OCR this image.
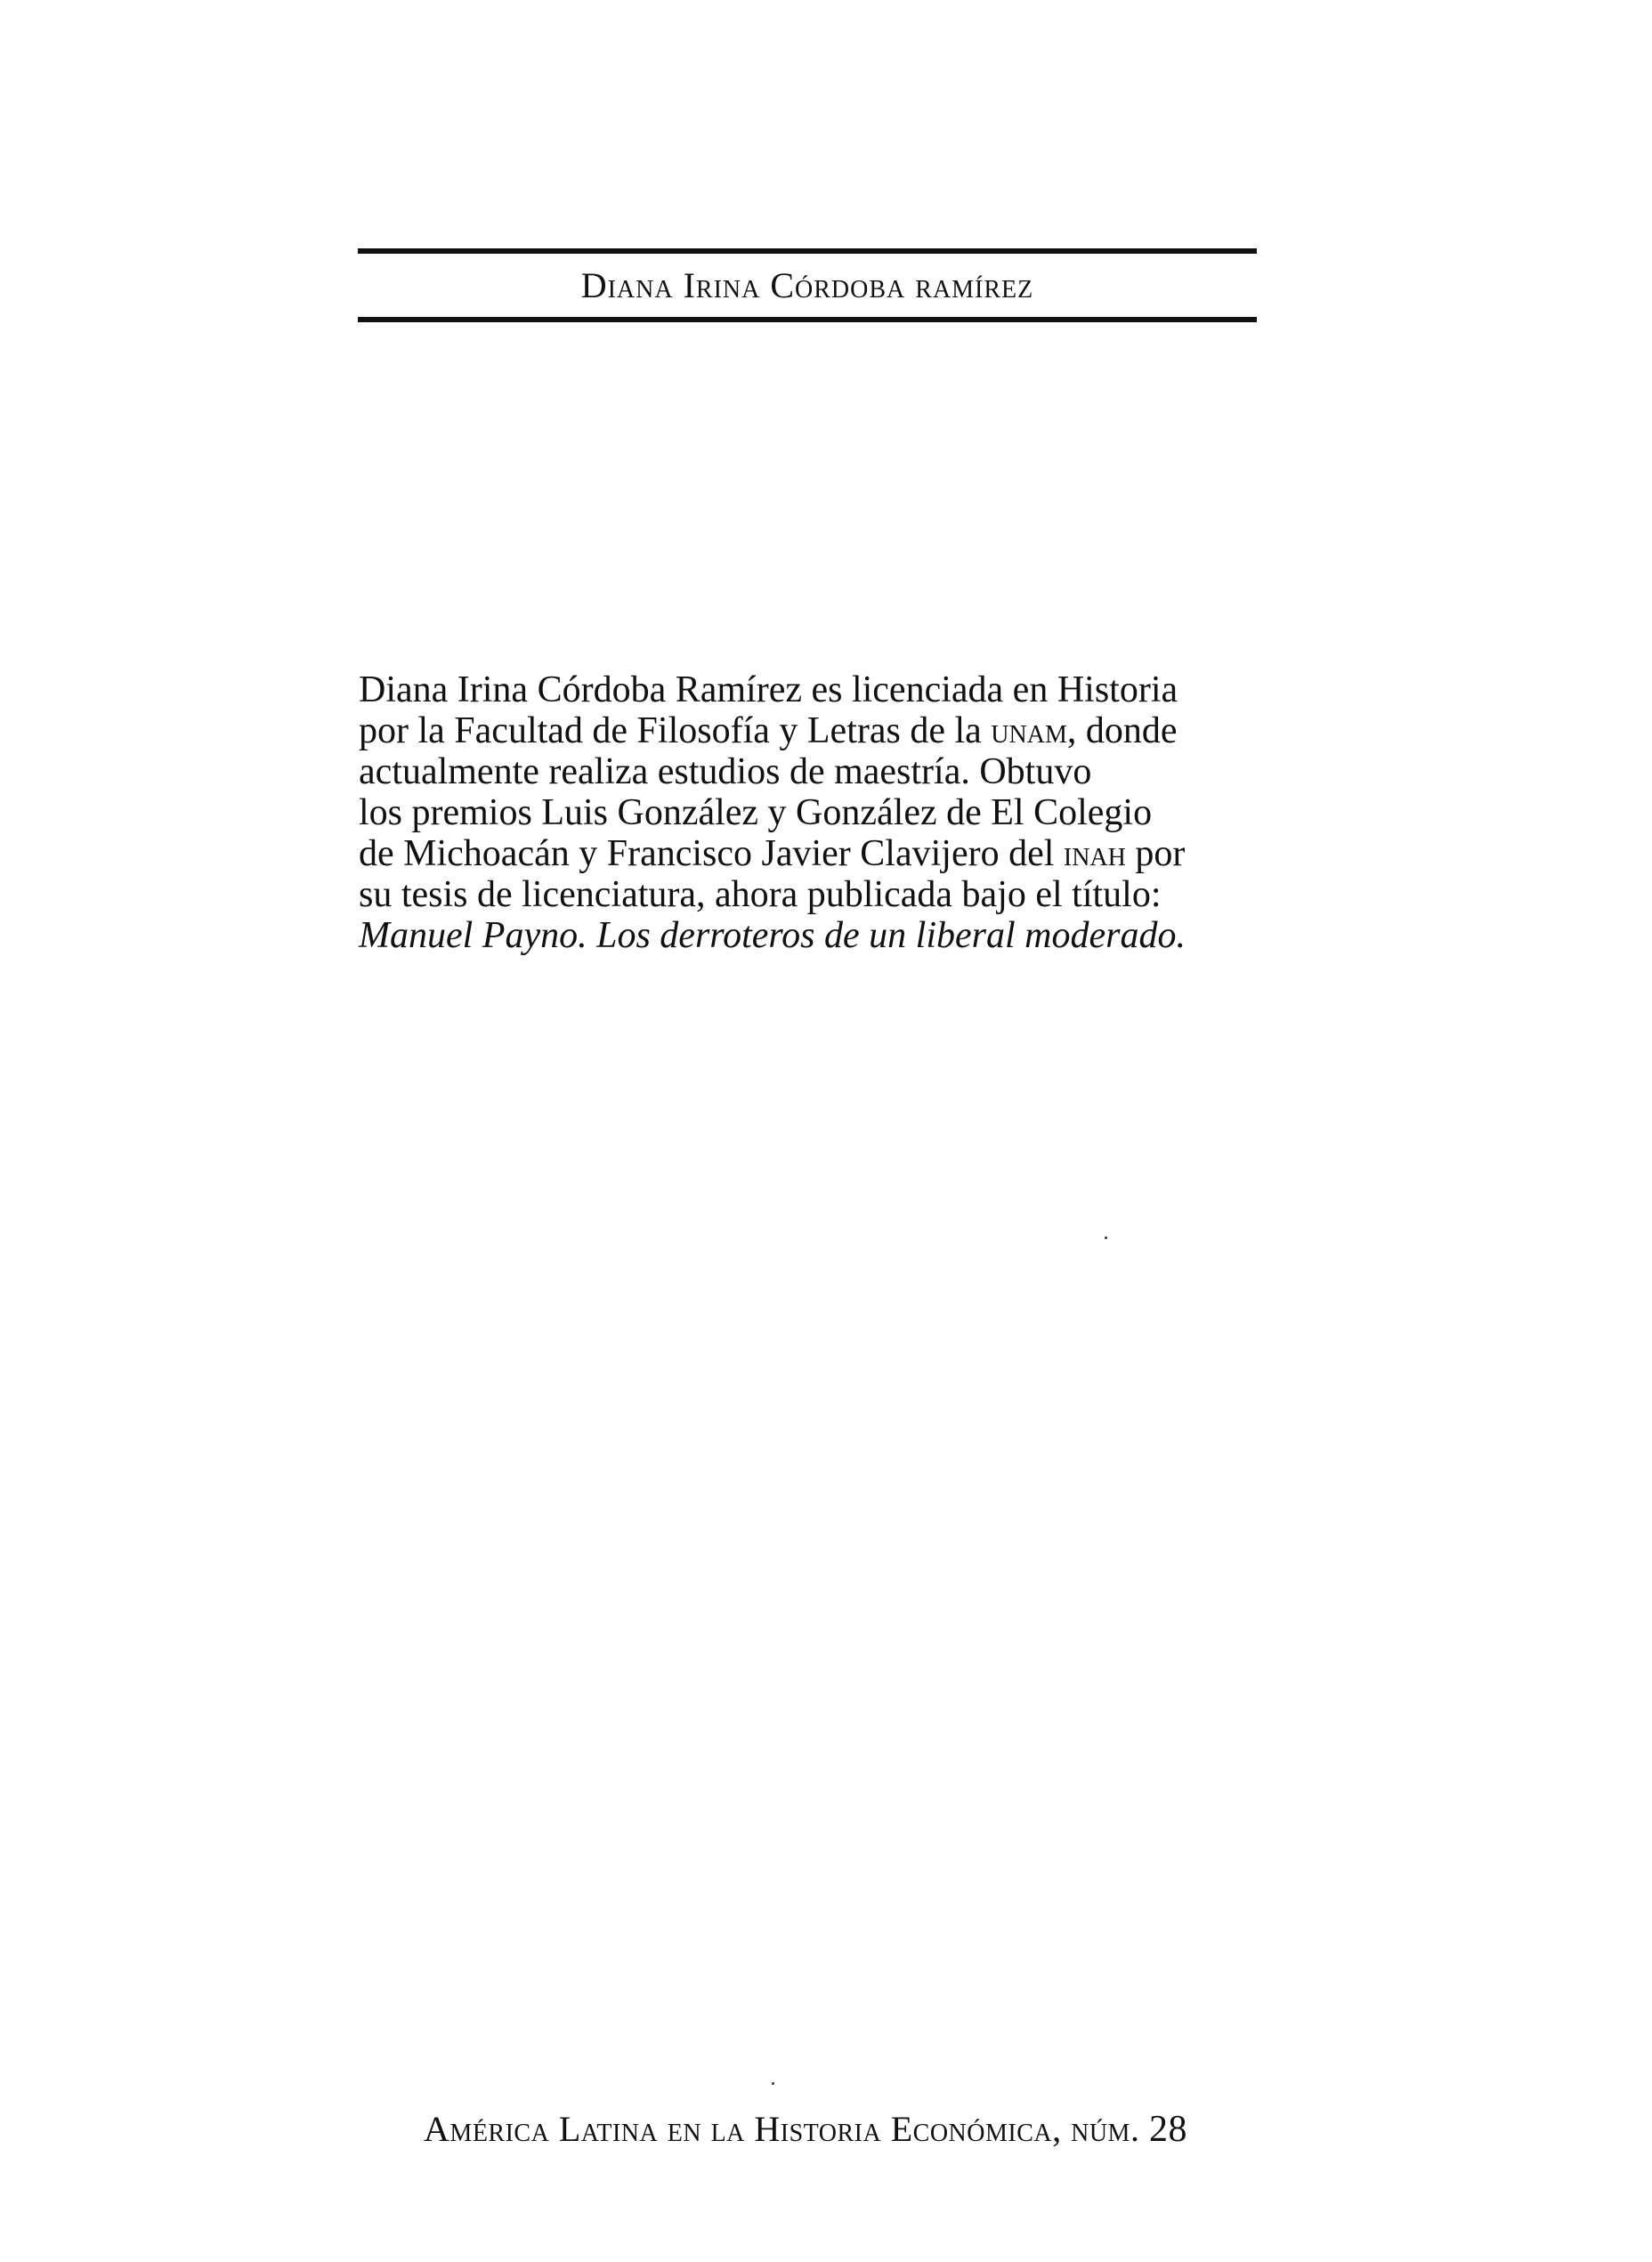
Diana Irina Córdoba ramírez
Diana Irina Córdoba Ramírez es licenciada en Historia
por la Facultad de Filosofía y Letras de la unam, donde
actualmente realiza estudios de maestría. Obtuvo
los premios Luis González y González de El Colegio
de Michoacán y Francisco Javier Clavijero del inah por
su tesis de licenciatura, ahora publicada bajo el título:
Manuel Payno. Los derroteros de un liberal moderado.
América Latina en la Historia Económica, núm. 28
